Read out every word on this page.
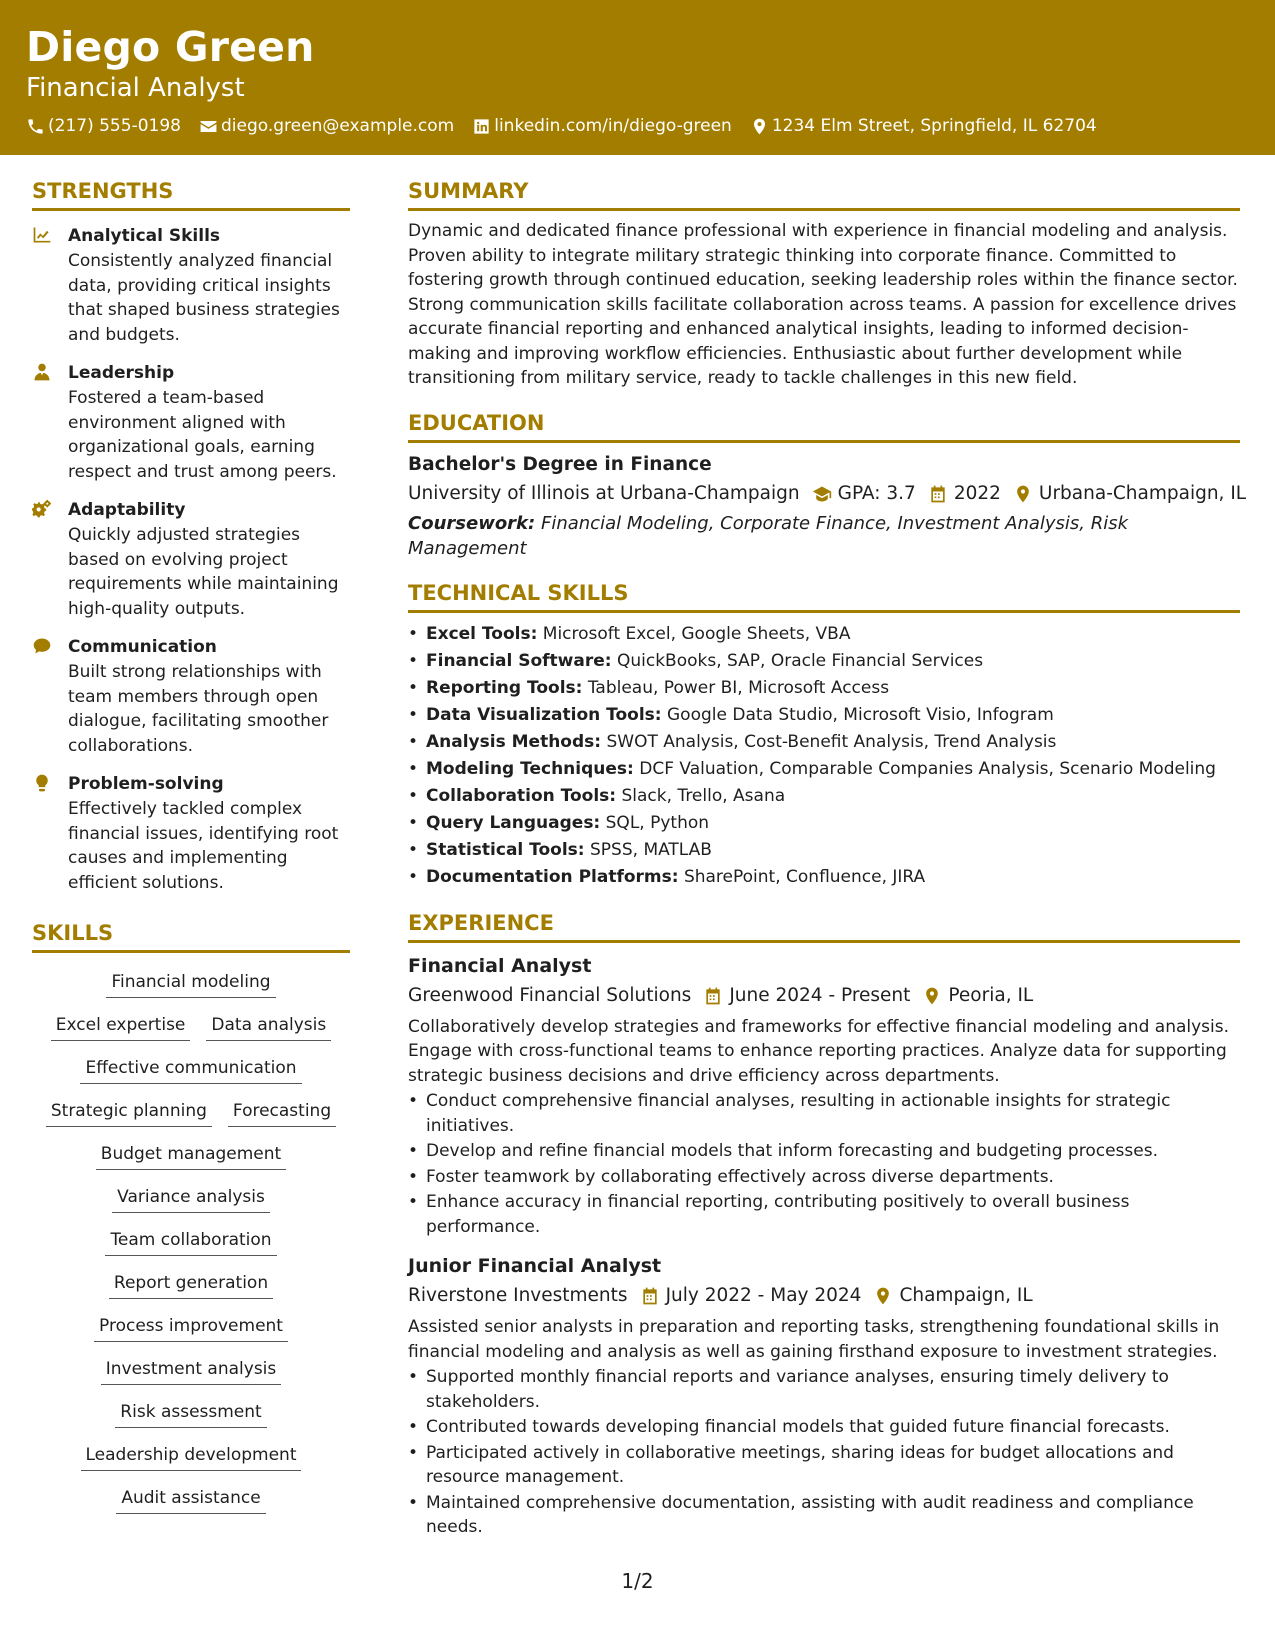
Diego Green
Financial Analyst
(217) 555-0198 diego.green@example.com linkedin.com/in/diego-green 1234 Elm Street, Springfield, IL 62704
STRENGTHS
Analytical Skills
Consistently analyzed financial data, providing critical insights that shaped business strategies and budgets.
Leadership
Fostered a team-based environment aligned with organizational goals, earning respect and trust among peers.
Adaptability
Quickly adjusted strategies based on evolving project requirements while maintaining high-quality outputs.
Communication
Built strong relationships with team members through open dialogue, facilitating smoother collaborations.
Problem-solving
Effectively tackled complex financial issues, identifying root causes and implementing efficient solutions.
SKILLS
Financial modeling
Excel expertise Data analysis
Effective communication
Strategic planning Forecasting
Budget management
Variance analysis
Team collaboration
Report generation
Process improvement
Investment analysis
Risk assessment
Leadership development
Audit assistance
SUMMARY
Dynamic and dedicated finance professional with experience in financial modeling and analysis. Proven ability to integrate military strategic thinking into corporate finance. Committed to fostering growth through continued education, seeking leadership roles within the finance sector. Strong communication skills facilitate collaboration across teams. A passion for excellence drives accurate financial reporting and enhanced analytical insights, leading to informed decision-making and improving workflow efficiencies. Enthusiastic about further development while transitioning from military service, ready to tackle challenges in this new field.
EDUCATION
Bachelor's Degree in Finance
University of Illinois at Urbana-Champaign GPA: 3.7 2022 Urbana-Champaign, IL
Coursework: Financial Modeling, Corporate Finance, Investment Analysis, Risk Management
TECHNICAL SKILLS
• Excel Tools: Microsoft Excel, Google Sheets, VBA
• Financial Software: QuickBooks, SAP, Oracle Financial Services
• Reporting Tools: Tableau, Power BI, Microsoft Access
• Data Visualization Tools: Google Data Studio, Microsoft Visio, Infogram
• Analysis Methods: SWOT Analysis, Cost-Benefit Analysis, Trend Analysis
• Modeling Techniques: DCF Valuation, Comparable Companies Analysis, Scenario Modeling
• Collaboration Tools: Slack, Trello, Asana
• Query Languages: SQL, Python
• Statistical Tools: SPSS, MATLAB
• Documentation Platforms: SharePoint, Confluence, JIRA
EXPERIENCE
Financial Analyst
Greenwood Financial Solutions June 2024 - Present Peoria, IL
Collaboratively develop strategies and frameworks for effective financial modeling and analysis. Engage with cross-functional teams to enhance reporting practices. Analyze data for supporting strategic business decisions and drive efficiency across departments.
• Conduct comprehensive financial analyses, resulting in actionable insights for strategic initiatives.
• Develop and refine financial models that inform forecasting and budgeting processes.
• Foster teamwork by collaborating effectively across diverse departments.
• Enhance accuracy in financial reporting, contributing positively to overall business performance.
Junior Financial Analyst
Riverstone Investments July 2022 - May 2024 Champaign, IL
Assisted senior analysts in preparation and reporting tasks, strengthening foundational skills in financial modeling and analysis as well as gaining firsthand exposure to investment strategies.
• Supported monthly financial reports and variance analyses, ensuring timely delivery to stakeholders.
• Contributed towards developing financial models that guided future financial forecasts.
• Participated actively in collaborative meetings, sharing ideas for budget allocations and resource management.
• Maintained comprehensive documentation, assisting with audit readiness and compliance needs.
1/2
